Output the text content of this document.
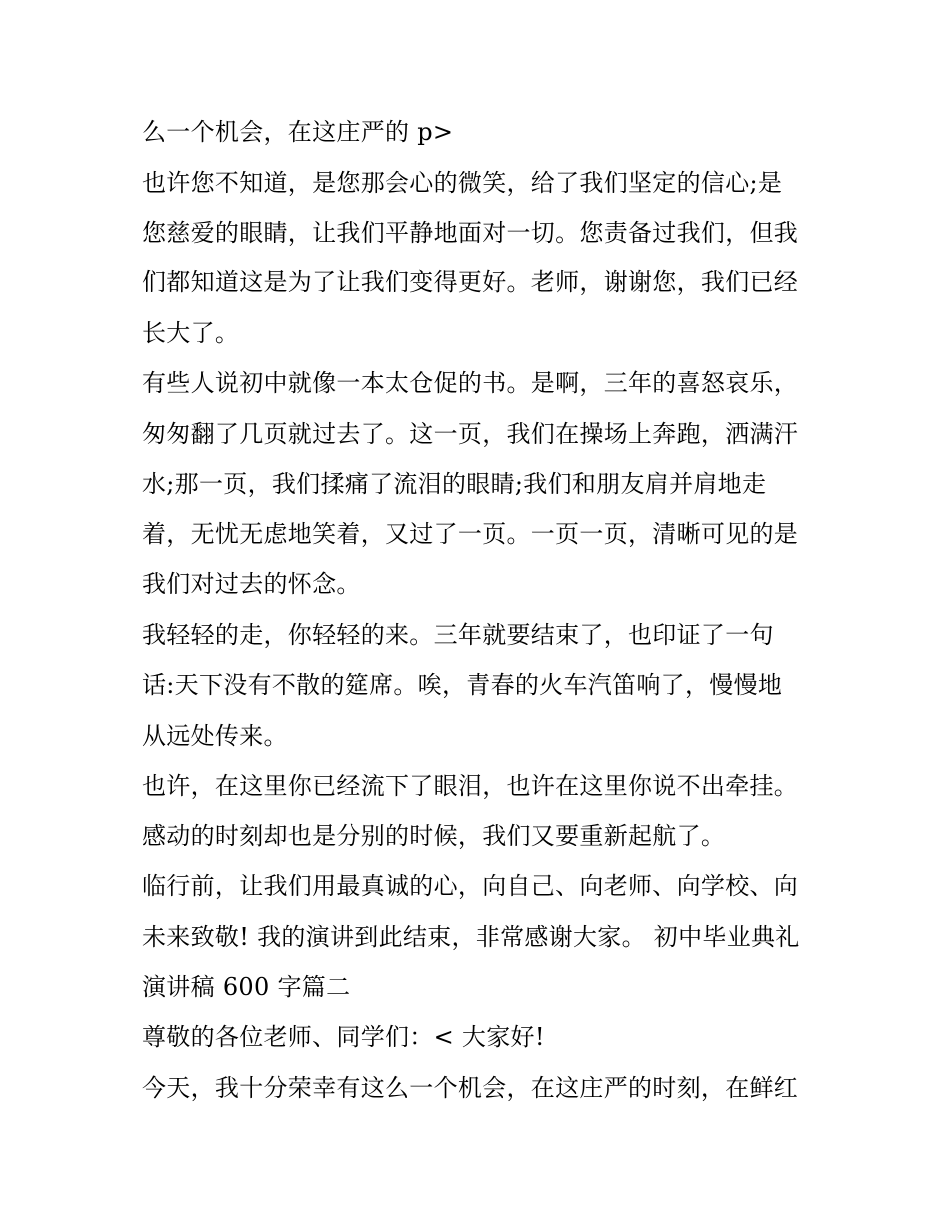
么一个机会，在这庄严的 p>
也许您不知道，是您那会心的微笑，给了我们坚定的信心;是
您慈爱的眼睛，让我们平静地面对一切。您责备过我们，但我
们都知道这是为了让我们变得更好。老师，谢谢您，我们已经
长大了。
有些人说初中就像一本太仓促的书。是啊，三年的喜怒哀乐，
匆匆翻了几页就过去了。这一页，我们在操场上奔跑，洒满汗
水;那一页，我们揉痛了流泪的眼睛;我们和朋友肩并肩地走
着，无忧无虑地笑着，又过了一页。一页一页，清晰可见的是
我们对过去的怀念。
我轻轻的走，你轻轻的来。三年就要结束了，也印证了一句
话:天下没有不散的筵席。唉，青春的火车汽笛响了，慢慢地
从远处传来。
也许，在这里你已经流下了眼泪，也许在这里你说不出牵挂。
感动的时刻却也是分别的时候，我们又要重新起航了。
临行前，让我们用最真诚的心，向自己、向老师、向学校、向
未来致敬! 我的演讲到此结束，非常感谢大家。 初中毕业典礼
演讲稿 600 字篇二
尊敬的各位老师、同学们：< 大家好!
今天，我十分荣幸有这么一个机会，在这庄严的时刻，在鲜红
